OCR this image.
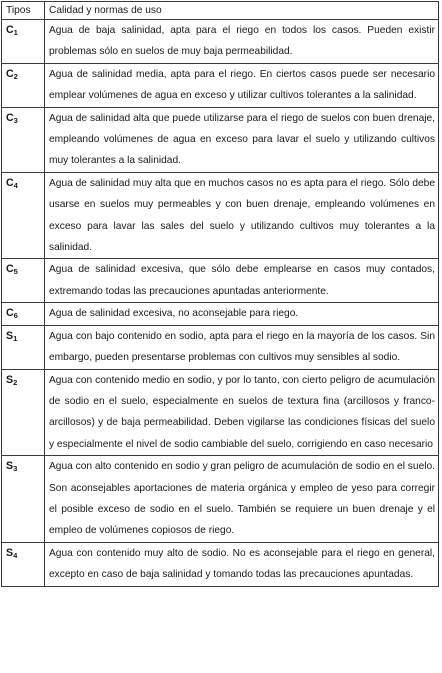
Tipos	Calidad y normas de uso
$C_1$	Agua de baja salinidad, apta para el riego en todos los casos. Pueden existir problemas sólo en suelos de muy baja permeabilidad.
$C_2$	Agua de salinidad media, apta para el riego. En ciertos casos puede ser necesario emplear volúmenes de agua en exceso y utilizar cultivos tolerantes a la salinidad.
$C_3$	Agua de salinidad alta que puede utilizarse para el riego de suelos con buen drenaje, empleando volúmenes de agua en exceso para lavar el suelo y utilizando cultivos muy tolerantes a la salinidad.
$C_4$	Agua de salinidad muy alta que en muchos casos no es apta para el riego. Sólo debe usarse en suelos muy permeables y con buen drenaje, empleando volúmenes en exceso para lavar las sales del suelo y utilizando cultivos muy tolerantes a la salinidad.
$C_5$	Agua de salinidad excesiva, que sólo debe emplearse en casos muy contados, extremando todas las precauciones apuntadas anteriormente.
$C_6$	Agua de salinidad excesiva, no aconsejable para riego.
$S_1$	Agua con bajo contenido en sodio, apta para el riego en la mayoría de los casos. Sin embargo, pueden presentarse problemas con cultivos muy sensibles al sodio.
$S_2$	Agua con contenido medio en sodio, y por lo tanto, con cierto peligro de acumulación de sodio en el suelo, especialmente en suelos de textura fina (arcillosos y franco-arcillosos) y de baja permeabilidad. Deben vigilarse las condiciones físicas del suelo y especialmente el nivel de sodio cambiable del suelo, corrigiendo en caso necesario
$S_3$	Agua con alto contenido en sodio y gran peligro de acumulación de sodio en el suelo. Son aconsejables aportaciones de materia orgánica y empleo de yeso para corregir el posible exceso de sodio en el suelo. También se requiere un buen drenaje y el empleo de volúmenes copiosos de riego.
$S_4$	Agua con contenido muy alto de sodio. No es aconsejable para el riego en general, excepto en caso de baja salinidad y tomando todas las precauciones apuntadas.
